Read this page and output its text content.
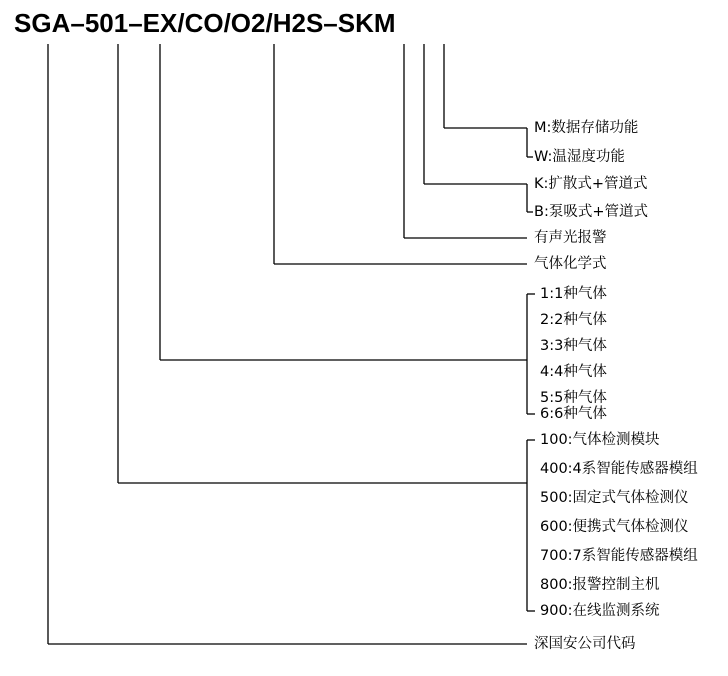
SGA–501–EX/CO/O2/H2S–SKM
M:数据存储功能
W:温湿度功能
K:扩散式+管道式
B:泵吸式+管道式
有声光报警
气体化学式
1:1种气体
2:2种气体
3:3种气体
4:4种气体
5:5种气体
6:6种气体
100:气体检测模块
400:4系智能传感器模组
500:固定式气体检测仪
600:便携式气体检测仪
700:7系智能传感器模组
800:报警控制主机
900:在线监测系统
深国安公司代码
